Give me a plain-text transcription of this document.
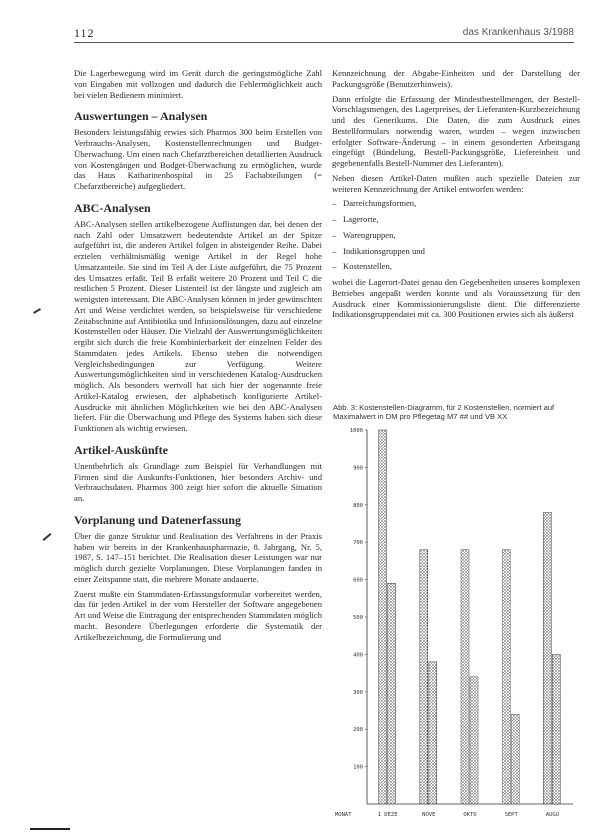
112	das Krankenhaus 3/1988

Die Lagerbewegung wird im Gerät durch die geringstmögliche Zahl von Eingaben mit vollzogen und dadurch die Fehlermöglichkeit auch bei vielen Bedienern minimiert.

Auswertungen – Analysen

Besonders leistungsfähig erwies sich Pharmos 300 beim Erstellen von Verbrauchs-Analysen, Kostenstellenrechnungen und Budget-Überwachung. Um einen nach Chefarztbereichen detaillierten Ausdruck von Kostengängen und Budget-Überwachung zu ermöglichen, wurde das Haus Katharinenhospital in 25 Fachabteilungen (= Chefarztbereiche) aufgegliedert.

ABC-Analysen

ABC-Analysen stellen artikelbezogene Auflistungen dar, bei denen der nach Zahl oder Umsatzwert bedeutendste Artikel an der Spitze aufgeführt ist, die anderen Artikel folgen in absteigender Reihe. Dabei erzielen verhältnismäßig wenige Artikel in der Regel hohe Umsatzanteile. Sie sind im Teil A der Liste aufgeführt, die 75 Prozent des Umsatzes erfaßt. Teil B erfaßt weitere 20 Prozent und Teil C die restlichen 5 Prozent. Dieser Listenteil ist der längste und zugleich am wenigsten interessant. Die ABC-Analysen können in jeder gewünschten Art und Weise verdichtet werden, so beispielsweise für verschiedene Zeitabschnitte auf Antibiotika und Infusionslösungen, dazu auf einzelne Kostenstellen oder Häuser. Die Vielzahl der Auswertungsmöglichkeiten ergibt sich durch die freie Kombinierbarkeit der einzelnen Felder des Stammdaten jedes Artikels. Ebenso stehen die notwendigen Vergleichsbedingungen zur Verfügung. Weitere Auswertungsmöglichkeiten sind in verschiedenen Katalog-Ausdrucken möglich. Als besonders wertvoll hat sich hier der sogenannte freie Artikel-Katalog erwiesen, der alphabetisch konfigurierte Artikel-Ausdrucke mit ähnlichen Möglichkeiten wie bei den ABC-Analysen liefert. Für die Überwachung und Pflege des Systems haben sich diese Funktionen als wichtig erwiesen.

Artikel-Auskünfte

Unentbehrlich als Grundlage zum Beispiel für Verhandlungen mit Firmen sind die Auskunfts-Funktionen, hier besonders Archiv- und Verbrauchsdaten. Pharmos 300 zeigt hier sofort die aktuelle Situation an.

Vorplanung und Datenerfassung

Über die ganze Struktur und Realisation des Verfahrens in der Praxis haben wir bereits in der Krankenhauspharmazie, 8. Jahrgang, Nr. 5, 1987, S. 147–151 berichtet. Die Realisation dieser Leistungen war nur möglich durch gezielte Vorplanungen. Diese Vorplanungen fanden in einer Zeitspanne statt, die mehrere Monate andauerte.

Zuerst mußte ein Stammdaten-Erfassungsformular vorbereitet werden, das für jeden Artikel in der vom Hersteller der Software angegebenen Art und Weise die Eintragung der entsprechenden Stammdaten möglich macht. Besondere Überlegungen erforderte die Systematik der Artikelbezeichnung, die Formulierung und

Kennzeichnung der Abgabe-Einheiten und der Darstellung der Packungsgröße (Benutzerhinweis).

Dann erfolgte die Erfassung der Mindestbestellmengen, der Bestell-Vorschlagsmengen, des Lagerpreises, der Lieferanten-Kurzbezeichnung und des Generikums. Die Daten, die zum Ausdruck eines Bestellformulars notwendig waren, wurden – wegen inzwischen erfolgter Software-Änderung – in einem gesonderten Arbeitsgang eingefügt (Bündelung, Bestell-Packungsgröße, Liefereinheit und gegebenenfalls Bestell-Nummer des Lieferanten).

Neben diesen Artikel-Daten mußten auch spezielle Dateien zur weiteren Kennzeichnung der Artikel entworfen werden:

– Darreichungsformen,
– Lagerorte,
– Warengruppen,
– Indikationsgruppen und
– Kostenstellen,

wobei die Lagerort-Datei genau den Gegebenheiten unseres komplexen Betriebes angepaßt werden konnte und als Voraussetzung für den Ausdruck einer Kommissionierungsliste dient. Die differenzierte Indikationsgruppendatei mit ca. 300 Positionen erwies sich als äußerst

Abb. 3: Kostenstellen-Diagramm, für 2 Kostenstellen, normiert auf Maximalwert in DM pro Pflegetag M7 ## und VB XX

1000
900
800
700
600
500
400
300
200
100
MONAT	1 DEZE	NOVE	OKTO	SEPT	AUGU
